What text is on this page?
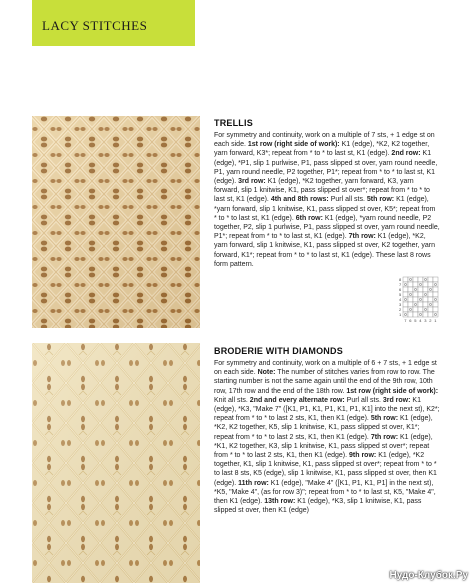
LACY STITCHES
TRELLIS

For symmetry and continuity, work on a multiple of 7 sts, + 1 edge st on each side. 1st row (right side of work): K1 (edge), *K2, K2 together, yarn forward, K3*; repeat from * to * to last st, K1 (edge). 2nd row: K1 (edge), *P1, slip 1 purlwise, P1, pass slipped st over, yarn round needle, P1, yarn round needle, P2 together, P1*; repeat from * to * to last st, K1 (edge). 3rd row: K1 (edge), *K2 together, yarn forward, K3, yarn forward, slip 1 knitwise, K1, pass slipped st over*; repeat from * to * to last st, K1 (edge). 4th and 8th rows: Purl all sts. 5th row: K1 (edge), *yarn forward, slip 1 knitwise, K1, pass slipped st over, K5*; repeat from * to * to last st, K1 (edge). 6th row: K1 (edge), *yarn round needle, P2 together, P2, slip 1 purlwise, P1, pass slipped st over, yarn round needle, P1*; repeat from * to * to last st, K1 (edge). 7th row: K1 (edge), *K2, yarn forward, slip 1 knitwise, K1, pass slipped st over, K2 together, yarn forward, K1*; repeat from * to * to last st, K1 (edge). These last 8 rows form pattern.

8
7
6
5
4
3
2
1
7 6 5 4 3 2 1
BRODERIE WITH DIAMONDS

For symmetry and continuity, work on a multiple of 6 + 7 sts, + 1 edge st on each side. Note: The number of stitches varies from row to row. The starting number is not the same again until the end of the 9th row, 10th row, 17th row and the end of the 18th row. 1st row (right side of work): Knit all sts. 2nd and every alternate row: Purl all sts. 3rd row: K1 (edge), *K3, "Make 7" ([K1, P1, K1, P1, K1, P1, K1] into the next st), K2*; repeat from * to * to last 2 sts, K1, then K1 (edge). 5th row: K1 (edge), *K2, K2 together, K5, slip 1 knitwise, K1, pass slipped st over, K1*; repeat from * to * to last 2 sts, K1, then K1 (edge). 7th row: K1 (edge), *K1, K2 together, K3, slip 1 knitwise, K1, pass slipped st over*; repeat from * to * to last 2 sts, K1, then K1 (edge). 9th row: K1 (edge), *K2 together, K1, slip 1 knitwise, K1, pass slipped st over*; repeat from * to * to last 8 sts, K5 (edge), slip 1 knitwise, K1, pass slipped st over, then K1 (edge). 11th row: K1 (edge), "Make 4" ([K1, P1, K1, P1] in the next st), *K5, "Make 4", (as for row 3)"; repeat from * to * to last st, K5, "Make 4", then K1 (edge). 13th row: K1 (edge), *K3, slip 1 knitwise, K1, pass slipped st over, then K1 (edge)

Нудо-Клубок.Ру
